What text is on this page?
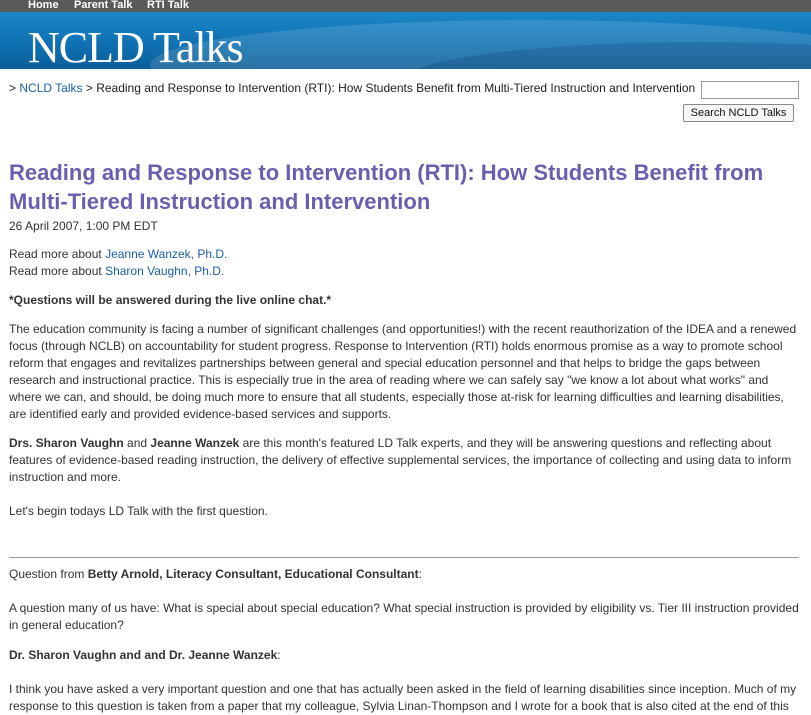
Home Parent Talk RTI Talk
NCLD Talks
> NCLD Talks > Reading and Response to Intervention (RTI): How Students Benefit from Multi-Tiered Instruction and Intervention
Search NCLD Talks
Reading and Response to Intervention (RTI): How Students Benefit from Multi-Tiered Instruction and Intervention
26 April 2007, 1:00 PM EDT

Read more about Jeanne Wanzek, Ph.D.

Read more about Sharon Vaughn, Ph.D.

*Questions will be answered during the live online chat.*

The education community is facing a number of significant challenges (and opportunities!) with the recent reauthorization of the IDEA and a renewed focus (through NCLB) on accountability for student progress. Response to Intervention (RTI) holds enormous promise as a way to promote school reform that engages and revitalizes partnerships between general and special education personnel and that helps to bridge the gaps between research and instructional practice. This is especially true in the area of reading where we can safely say "we know a lot about what works" and where we can, and should, be doing much more to ensure that all students, especially those at-risk for learning difficulties and learning disabilities, are identified early and provided evidence-based services and supports.

Drs. Sharon Vaughn and Jeanne Wanzek are this month's featured LD Talk experts, and they will be answering questions and reflecting about features of evidence-based reading instruction, the delivery of effective supplemental services, the importance of collecting and using data to inform instruction and more.

Let's begin todays LD Talk with the first question.

Question from Betty Arnold, Literacy Consultant, Educational Consultant:

A question many of us have: What is special about special education? What special instruction is provided by eligibility vs. Tier III instruction provided in general education?

Dr. Sharon Vaughn and and Dr. Jeanne Wanzek:

I think you have asked a very important question and one that has actually been asked in the field of learning disabilities since inception. Much of my response to this question is taken from a paper that my colleague, Sylvia Linan-Thompson and I wrote for a book that is also cited at the end of this
